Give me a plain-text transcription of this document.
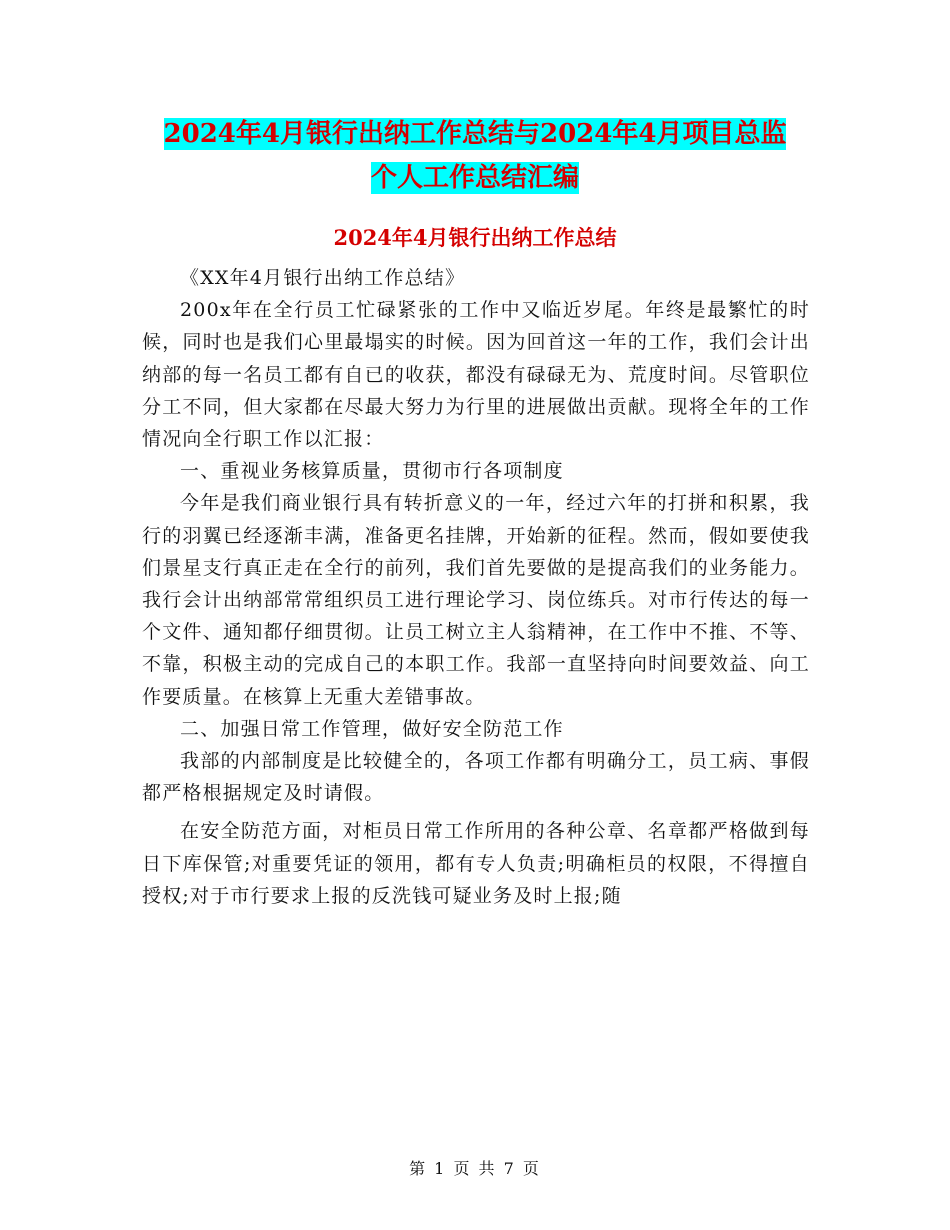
2024年4月银行出纳工作总结与2024年4月项目总监
个人工作总结汇编
2024年4月银行出纳工作总结

《XX年4月银行出纳工作总结》

200x年在全行员工忙碌紧张的工作中又临近岁尾。年终是最繁忙的时候，同时也是我们心里最塌实的时候。因为回首这一年的工作，我们会计出纳部的每一名员工都有自已的收获，都没有碌碌无为、荒度时间。尽管职位分工不同，但大家都在尽最大努力为行里的进展做出贡献。现将全年的工作情况向全行职工作以汇报：

一、重视业务核算质量，贯彻市行各项制度

今年是我们商业银行具有转折意义的一年，经过六年的打拼和积累，我行的羽翼已经逐渐丰满，准备更名挂牌，开始新的征程。然而，假如要使我们景星支行真正走在全行的前列，我们首先要做的是提高我们的业务能力。我行会计出纳部常常组织员工进行理论学习、岗位练兵。对市行传达的每一个文件、通知都仔细贯彻。让员工树立主人翁精神，在工作中不推、不等、不靠，积极主动的完成自己的本职工作。我部一直坚持向时间要效益、向工作要质量。在核算上无重大差错事故。

二、加强日常工作管理，做好安全防范工作

我部的内部制度是比较健全的，各项工作都有明确分工，员工病、事假都严格根据规定及时请假。

在安全防范方面，对柜员日常工作所用的各种公章、名章都严格做到每日下库保管;对重要凭证的领用，都有专人负责;明确柜员的权限，不得擅自授权;对于市行要求上报的反洗钱可疑业务及时上报;随

第 1 页 共 7 页
